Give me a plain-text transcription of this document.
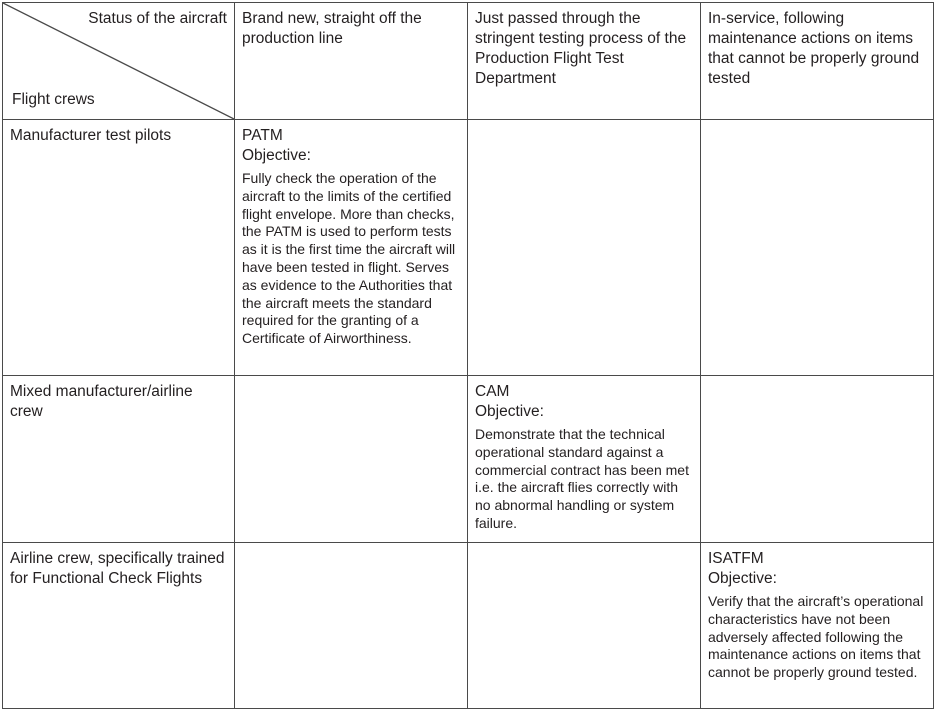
Status of the aircraft
Flight crews	Brand new, straight off the production line	Just passed through the stringent testing process of the Production Flight Test Department	In-service, following maintenance actions on items that cannot be properly ground tested
Manufacturer test pilots	PATM
Objective:
Fully check the operation of the aircraft to the limits of the certified flight envelope. More than checks, the PATM is used to perform tests as it is the first time the aircraft will have been tested in flight. Serves as evidence to the Authorities that the aircraft meets the standard required for the granting of a Certificate of Airworthiness.		

Mixed manufacturer/airline crew		CAM
Objective:
Demonstrate that the technical operational standard against a commercial contract has been met i.e. the aircraft flies correctly with no abnormal handling or system failure.	

Airline crew, specifically trained for Functional Check Flights			ISATFM
Objective:
Verify that the aircraft’s operational characteristics have not been adversely affected following the maintenance actions on items that cannot be properly ground tested.
